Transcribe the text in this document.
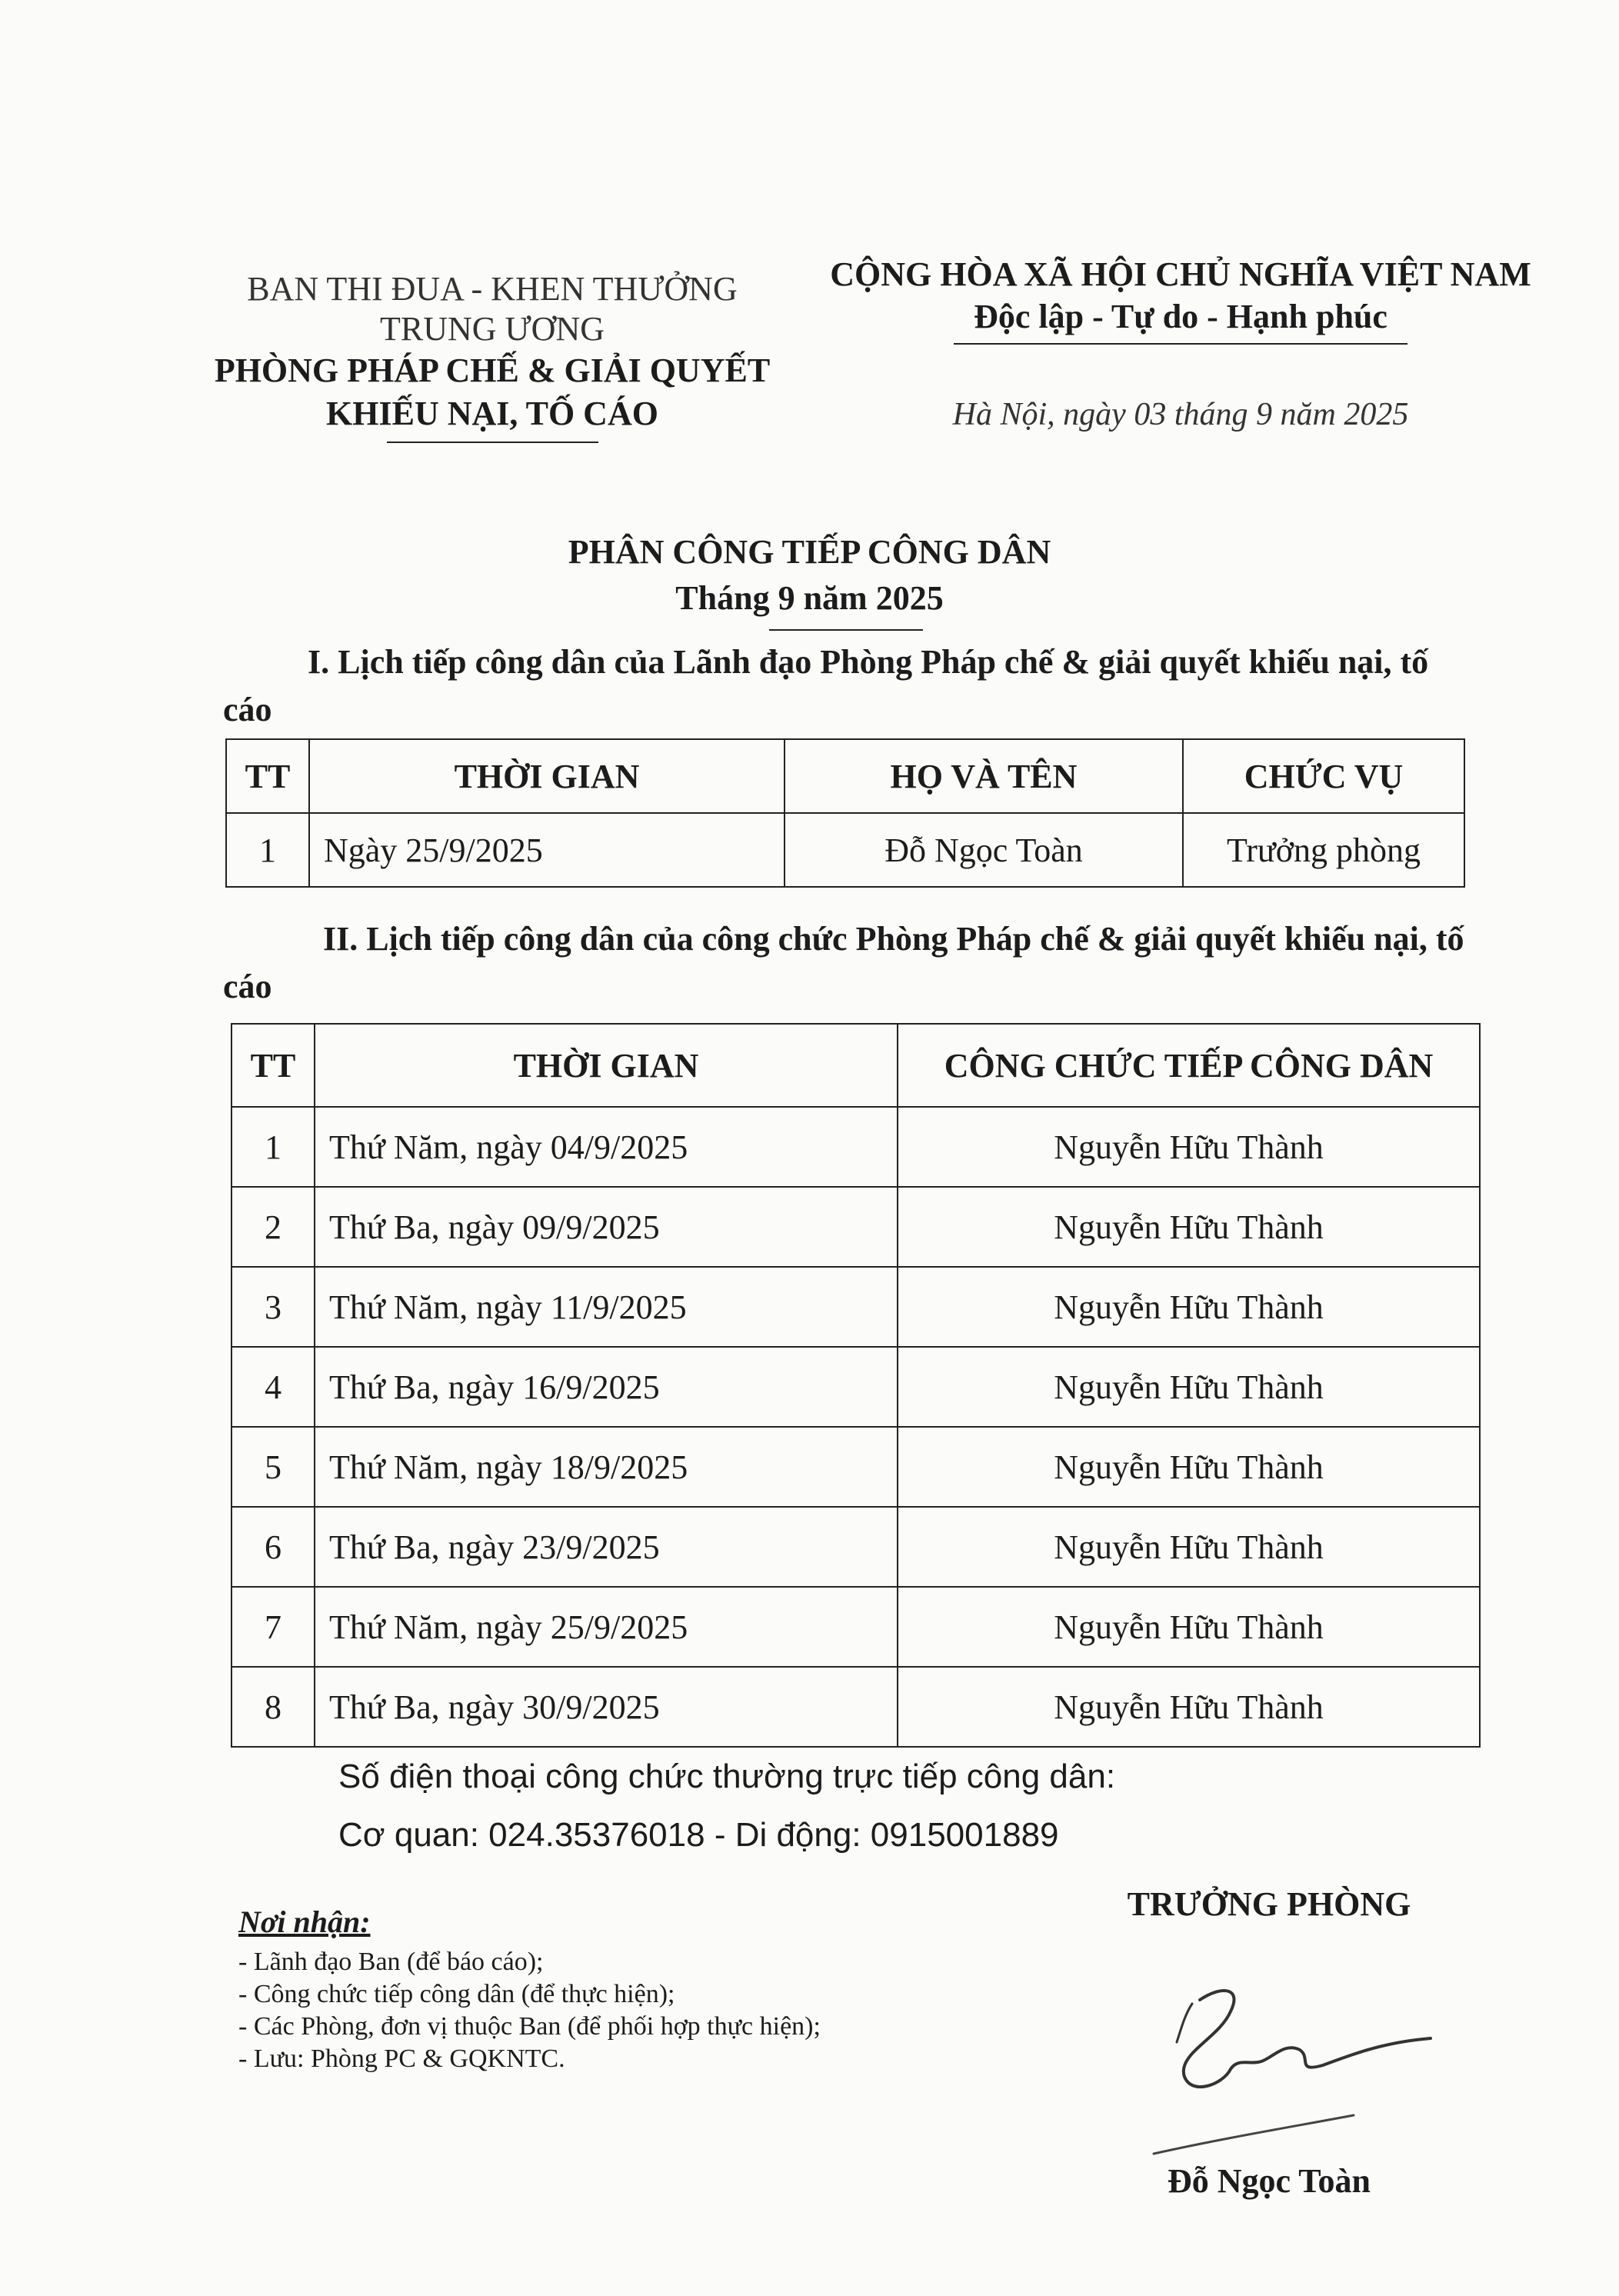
BAN THI ĐUA - KHEN THƯỞNG
TRUNG ƯƠNG
PHÒNG PHÁP CHẾ & GIẢI QUYẾT
KHIẾU NẠI, TỐ CÁO
CỘNG HÒA XÃ HỘI CHỦ NGHĨA VIỆT NAM
Độc lập - Tự do - Hạnh phúc
Hà Nội, ngày 03 tháng 9 năm 2025
PHÂN CÔNG TIẾP CÔNG DÂN
Tháng 9 năm 2025
I. Lịch tiếp công dân của Lãnh đạo Phòng Pháp chế & giải quyết khiếu nại, tố cáo
TT	THỜI GIAN	HỌ VÀ TÊN	CHỨC VỤ
1	Ngày 25/9/2025	Đỗ Ngọc Toàn	Trưởng phòng
II. Lịch tiếp công dân của công chức Phòng Pháp chế & giải quyết khiếu nại, tố cáo
TT	THỜI GIAN	CÔNG CHỨC TIẾP CÔNG DÂN
1	Thứ Năm, ngày 04/9/2025	Nguyễn Hữu Thành
2	Thứ Ba, ngày 09/9/2025	Nguyễn Hữu Thành
3	Thứ Năm, ngày 11/9/2025	Nguyễn Hữu Thành
4	Thứ Ba, ngày 16/9/2025	Nguyễn Hữu Thành
5	Thứ Năm, ngày 18/9/2025	Nguyễn Hữu Thành
6	Thứ Ba, ngày 23/9/2025	Nguyễn Hữu Thành
7	Thứ Năm, ngày 25/9/2025	Nguyễn Hữu Thành
8	Thứ Ba, ngày 30/9/2025	Nguyễn Hữu Thành
Số điện thoại công chức thường trực tiếp công dân:
Cơ quan: 024.35376018 - Di động: 0915001889
Nơi nhận:
- Lãnh đạo Ban (để báo cáo);
- Công chức tiếp công dân (để thực hiện);
- Các Phòng, đơn vị thuộc Ban (để phối hợp thực hiện);
- Lưu: Phòng PC & GQKNTC.
TRƯỞNG PHÒNG
Đỗ Ngọc Toàn
